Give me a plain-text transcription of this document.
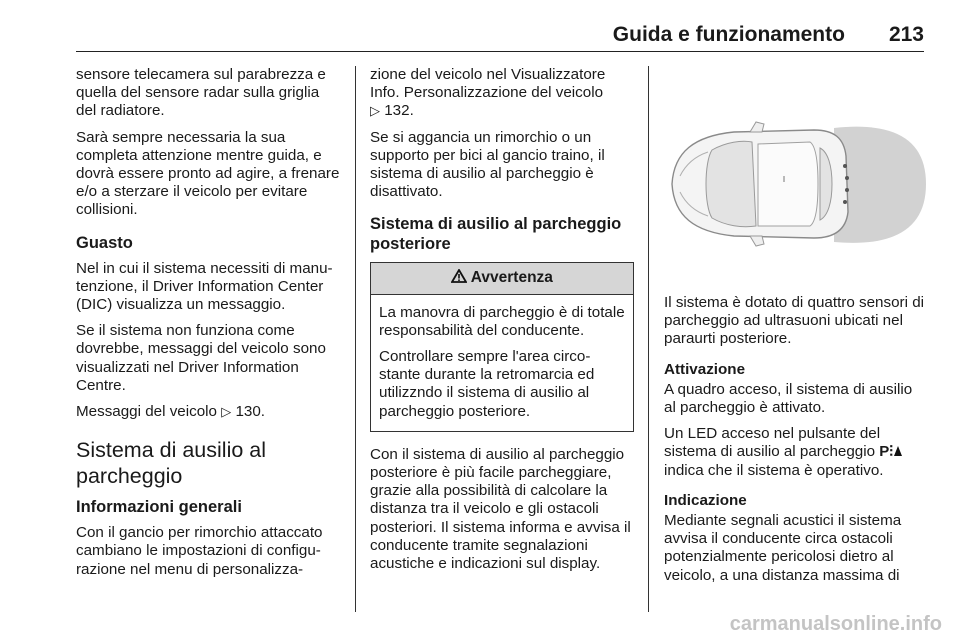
Guida e funzionamento 213

sensore telecamera sul parabrezza e quella del sensore radar sulla griglia del radiatore.

Sarà sempre necessaria la sua completa attenzione mentre guida, e dovrà essere pronto ad agire, a frenare e/o a sterzare il veicolo per evitare collisioni.

Guasto

Nel in cui il sistema necessiti di manutenzione, il Driver Information Center (DIC) visualizza un messaggio.

Se il sistema non funziona come dovrebbe, messaggi del veicolo sono visualizzati nel Driver Information Centre.

Messaggi del veicolo ▷ 130.

Sistema di ausilio al parcheggio
Informazioni generali

Con il gancio per rimorchio attaccato cambiano le impostazioni di configurazione nel menu di personalizza-

zione del veicolo nel Visualizzatore Info. Personalizzazione del veicolo
▷ 132.

Se si aggancia un rimorchio o un supporto per bici al gancio traino, il sistema di ausilio al parcheggio è disattivato.

Sistema di ausilio al parcheggio posteriore
Avvertenza

La manovra di parcheggio è di totale responsabilità del conducente.

Controllare sempre l'area circostante durante la retromarcia ed utilizzndo il sistema di ausilio al parcheggio posteriore.

Con il sistema di ausilio al parcheggio posteriore è più facile parcheggiare, grazie alla possibilità di calcolare la distanza tra il veicolo e gli ostacoli posteriori. Il sistema informa e avvisa il conducente tramite segnalazioni acustiche e indicazioni sul display.

Il sistema è dotato di quattro sensori di parcheggio ad ultrasuoni ubicati nel paraurti posteriore.

Attivazione

A quadro acceso, il sistema di ausilio al parcheggio è attivato.

Un LED acceso nel pulsante del sistema di ausilio al parcheggio P⫶ indica che il sistema è operativo.

Indicazione

Mediante segnali acustici il sistema avvisa il conducente circa ostacoli potenzialmente pericolosi dietro al veicolo, a una distanza massima di

carmanualsonline.info
